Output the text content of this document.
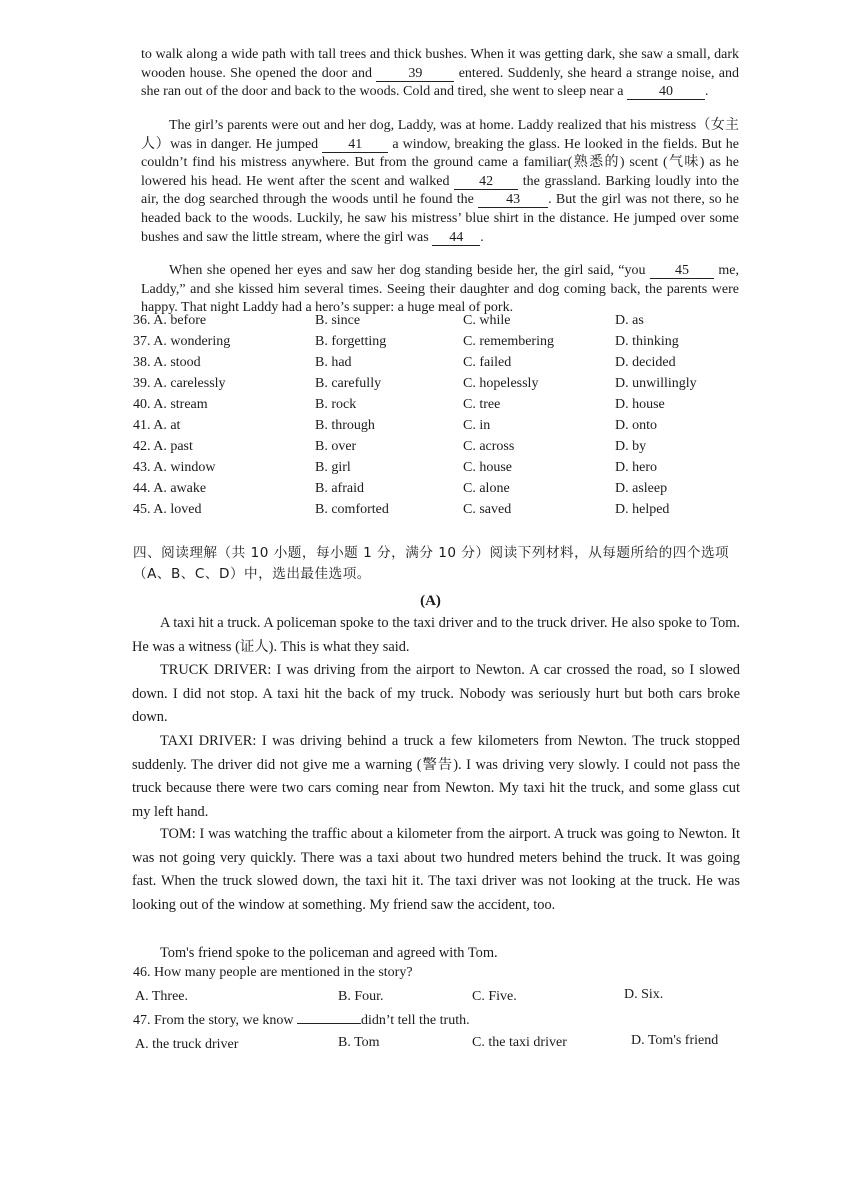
to walk along a wide path with tall trees and thick bushes. When it was getting dark, she saw a small, dark wooden house. She opened the door and	39	entered. Suddenly, she heard a strange noise, and she ran out of the door and back to the woods. Cold and tired, she went to sleep near a	40 .

The girl’s parents were out and her dog, Laddy, was at home. Laddy realized that his mistress（女主人）was in danger. He jumped 41 a window, breaking the glass. He looked in the fields. But he couldn’t find his mistress anywhere. But from the ground came a familiar(熟悉的) scent (气味) as he lowered his head. He went after the scent and walked 42 the grassland. Barking loudly into the air, the dog searched through the woods until he found the 43 . But the girl was not there, so he headed back to the woods. Luckily, he saw his mistress’ blue shirt in the distance. He jumped over some bushes and saw the little stream, where the girl was 44 .

When she opened her eyes and saw her dog standing beside her, the girl said, “you 45 me, Laddy,” and she kissed him several times. Seeing their daughter and dog coming back, the parents were happy. That night Laddy had a hero’s supper: a huge meal of pork.

36. A. before	B. since	C. while	D. as
37. A. wondering	B. forgetting	C. remembering	D. thinking
38. A. stood	B. had	C. failed	D. decided
39. A. carelessly	B. carefully	C. hopelessly	D. unwillingly
40. A. stream	B. rock	C. tree	D. house
41. A. at	B. through	C. in	D. onto
42. A. past	B. over	C. across	D. by
43. A. window	B. girl	C. house	D. hero
44. A. awake	B. afraid	C. alone	D. asleep
45. A. loved	B. comforted	C. saved	D. helped

四、阅读理解（共 10 小题，每小题 1 分，满分 10 分）阅读下列材料，从每题所给的四个选项（A、B、C、D）中，选出最佳选项。

(A)

A taxi hit a truck. A policeman spoke to the taxi driver and to the truck driver. He also spoke to Tom. He was a witness (证人). This is what they said.

TRUCK DRIVER: I was driving from the airport to Newton. A car crossed the road, so I slowed down. I did not stop. A taxi hit the back of my truck. Nobody was seriously hurt but both cars broke down.

TAXI DRIVER: I was driving behind a truck a few kilometers from Newton. The truck stopped suddenly. The driver did not give me a warning (警告). I was driving very slowly. I could not pass the truck because there were two cars coming near from Newton. My taxi hit the truck, and some glass cut my left hand.

TOM: I was watching the traffic about a kilometer from the airport. A truck was going to Newton. It was not going very quickly. There was a taxi about two hundred meters behind the truck. It was going fast. When the truck slowed down, the taxi hit it. The taxi driver was not looking at the truck. He was looking out of the window at something. My friend saw the accident, too.

Tom's friend spoke to the policeman and agreed with Tom.

46. How many people are mentioned in the story?
A. Three.	B. Four.	C. Five.	D. Six.
47. From the story, we know	didn’t tell the truth.
A. the truck driver	B. Tom	C. the taxi driver	D. Tom's friend
